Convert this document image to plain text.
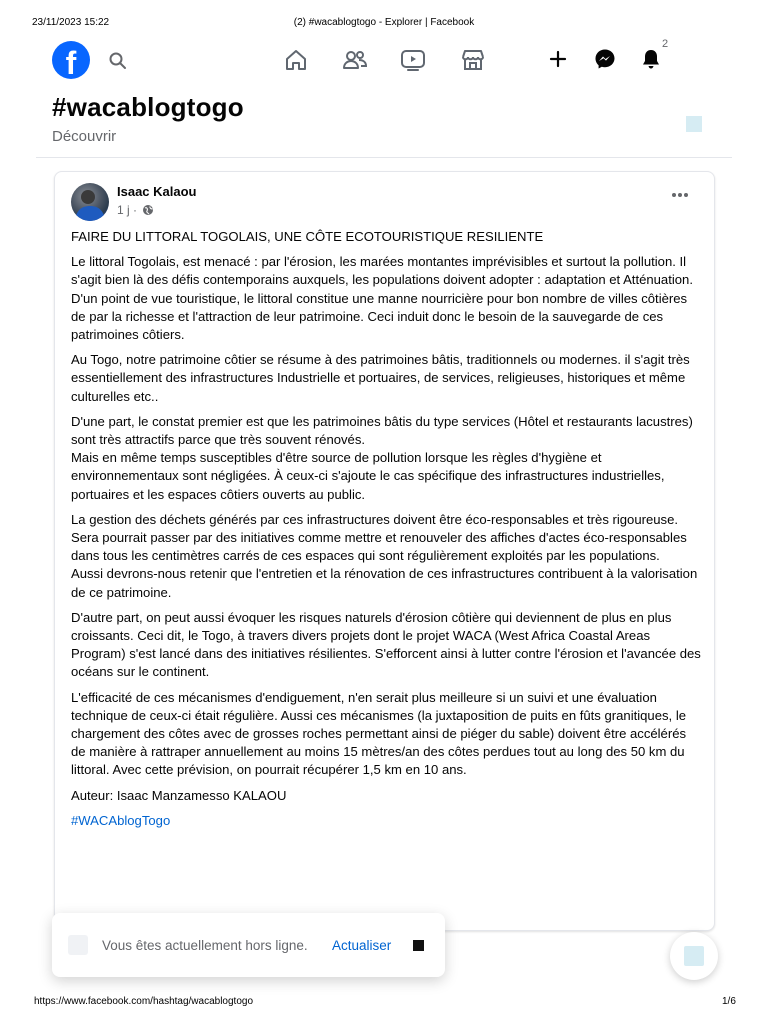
23/11/2023 15:22	(2) #wacablogtogo - Explorer | Facebook
f
2
#wacablogtogo
Découvrir
Isaac Kalaou
1 j ·

FAIRE DU LITTORAL TOGOLAIS, UNE CÔTE ECOTOURISTIQUE RESILIENTE

Le littoral Togolais, est menacé : par l'érosion, les marées montantes imprévisibles et surtout la pollution. Il s'agit bien là des défis contemporains auxquels, les populations doivent adopter : adaptation et Atténuation. D'un point de vue touristique, le littoral constitue une manne nourricière pour bon nombre de villes côtières de par la richesse et l'attraction de leur patrimoine. Ceci induit donc le besoin de la sauvegarde de ces patrimoines côtiers.

Au Togo, notre patrimoine côtier se résume à des patrimoines bâtis, traditionnels ou modernes. il s'agit très essentiellement des infrastructures Industrielle et portuaires, de services, religieuses, historiques et même culturelles etc..

D'une part, le constat premier est que les patrimoines bâtis du type services (Hôtel et restaurants lacustres) sont très attractifs parce que très souvent rénovés.
Mais en même temps susceptibles d'être source de pollution lorsque les règles d'hygiène et environnementaux sont négligées. À ceux-ci s'ajoute le cas spécifique des infrastructures industrielles, portuaires et les espaces côtiers ouverts au public.

La gestion des déchets générés par ces infrastructures doivent être éco-responsables et très rigoureuse. Sera pourrait passer par des initiatives comme mettre et renouveler des affiches d'actes éco-responsables dans tous les centimètres carrés de ces espaces qui sont régulièrement exploités par les populations.
Aussi devrons-nous retenir que l'entretien et la rénovation de ces infrastructures contribuent à la valorisation de ce patrimoine.

D'autre part, on peut aussi évoquer les risques naturels d'érosion côtière qui deviennent de plus en plus croissants. Ceci dit, le Togo, à travers divers projets dont le projet WACA (West Africa Coastal Areas Program) s'est lancé dans des initiatives résilientes. S'efforcent ainsi à lutter contre l'érosion et l'avancée des océans sur le continent.

L'efficacité de ces mécanismes d'endiguement, n'en serait plus meilleure si un suivi et une évaluation technique de ceux-ci était régulière. Aussi ces mécanismes (la juxtaposition de puits en fûts granitiques, le chargement des côtes avec de grosses roches permettant ainsi de piéger du sable) doivent être accélérés de manière à rattraper annuellement au moins 15 mètres/an des côtes perdues tout au long des 50 km du littoral. Avec cette prévision, on pourrait récupérer 1,5 km en 10 ans.

Auteur: Isaac Manzamesso KALAOU

#WACAblogTogo

Vous êtes actuellement hors ligne. Actualiser
https://www.facebook.com/hashtag/wacablogtogo	1/6
